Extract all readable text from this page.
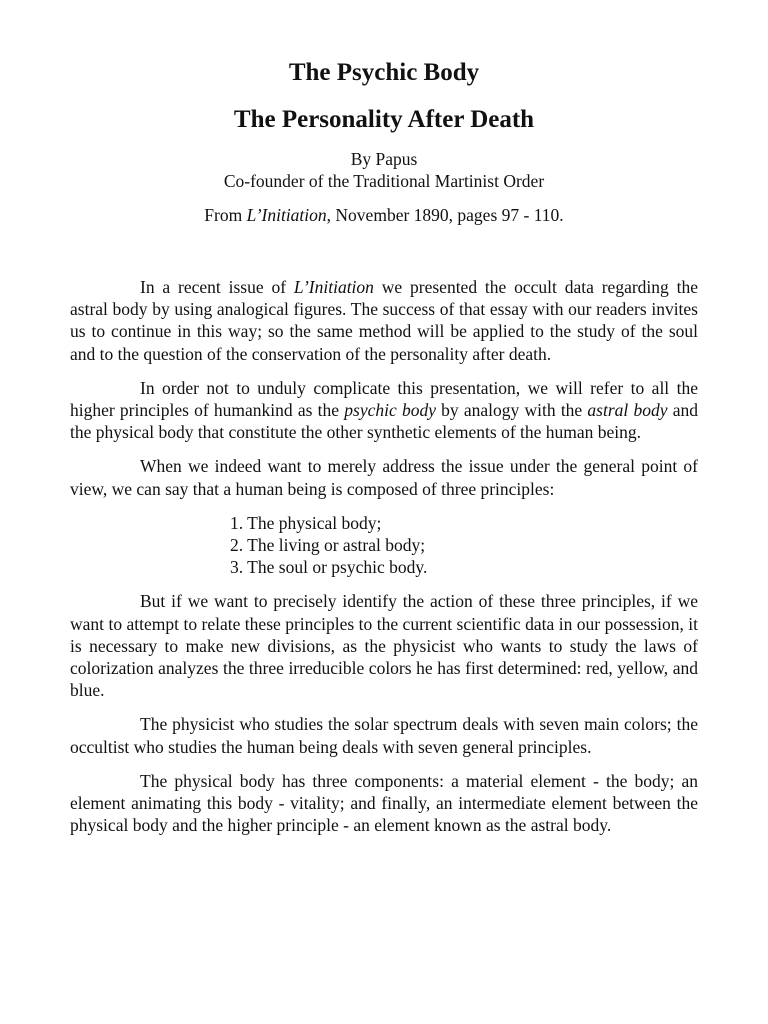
The Psychic Body
The Personality After Death
By Papus
Co-founder of the Traditional Martinist Order
From L’Initiation, November 1890, pages 97 - 110.

In a recent issue of L’Initiation we presented the occult data regarding the astral body by using analogical figures. The success of that essay with our readers invites us to continue in this way; so the same method will be applied to the study of the soul and to the question of the conservation of the personality after death.

In order not to unduly complicate this presentation, we will refer to all the higher principles of humankind as the psychic body by analogy with the astral body and the physical body that constitute the other synthetic elements of the human being.

When we indeed want to merely address the issue under the general point of view, we can say that a human being is composed of three principles:

1. The physical body;
2. The living or astral body;
3. The soul or psychic body.

But if we want to precisely identify the action of these three principles, if we want to attempt to relate these principles to the current scientific data in our possession, it is necessary to make new divisions, as the physicist who wants to study the laws of colorization analyzes the three irreducible colors he has first determined: red, yellow, and blue.

The physicist who studies the solar spectrum deals with seven main colors; the occultist who studies the human being deals with seven general principles.

The physical body has three components: a material element - the body; an element animating this body - vitality; and finally, an intermediate element between the physical body and the higher principle - an element known as the astral body.
